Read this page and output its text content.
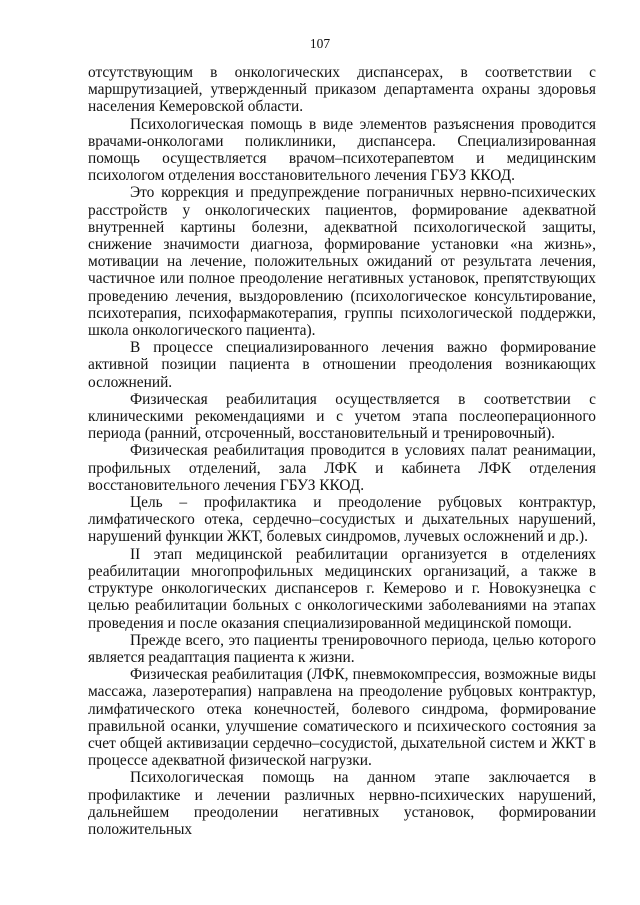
107

отсутствующим в онкологических диспансерах, в соответствии с маршрутизацией, утвержденный приказом департамента охраны здоровья населения Кемеровской области.

Психологическая помощь в виде элементов разъяснения проводится врачами-онкологами поликлиники, диспансера. Специализированная помощь осуществляется врачом–психотерапевтом и медицинским психологом отделения восстановительного лечения ГБУЗ ККОД.

Это коррекция и предупреждение пограничных нервно-психических расстройств у онкологических пациентов, формирование адекватной внутренней картины болезни, адекватной психологической защиты, снижение значимости диагноза, формирование установки «на жизнь», мотивации на лечение, положительных ожиданий от результата лечения, частичное или полное преодоление негативных установок, препятствующих проведению лечения, выздоровлению (психологическое консультирование, психотерапия, психофармакотерапия, группы психологической поддержки, школа онкологического пациента).

В процессе специализированного лечения важно формирование активной позиции пациента в отношении преодоления возникающих осложнений.

Физическая реабилитация осуществляется в соответствии с клиническими рекомендациями и с учетом этапа послеоперационного периода (ранний, отсроченный, восстановительный и тренировочный).

Физическая реабилитация проводится в условиях палат реанимации, профильных отделений, зала ЛФК и кабинета ЛФК отделения восстановительного лечения ГБУЗ ККОД.

Цель – профилактика и преодоление рубцовых контрактур, лимфатического отека, сердечно–сосудистых и дыхательных нарушений, нарушений функции ЖКТ, болевых синдромов, лучевых осложнений и др.).

II этап медицинской реабилитации организуется в отделениях реабилитации многопрофильных медицинских организаций, а также в структуре онкологических диспансеров г. Кемерово и г. Новокузнецка с целью реабилитации больных с онкологическими заболеваниями на этапах проведения и после оказания специализированной медицинской помощи.

Прежде всего, это пациенты тренировочного периода, целью которого является реадаптация пациента к жизни.

Физическая реабилитация (ЛФК, пневмокомпрессия, возможные виды массажа, лазеротерапия) направлена на преодоление рубцовых контрактур, лимфатического отека конечностей, болевого синдрома, формирование правильной осанки, улучшение соматического и психического состояния за счет общей активизации сердечно–сосудистой, дыхательной систем и ЖКТ в процессе адекватной физической нагрузки.

Психологическая помощь на данном этапе заключается в профилактике и лечении различных нервно-психических нарушений, дальнейшем преодолении негативных установок, формировании положительных
